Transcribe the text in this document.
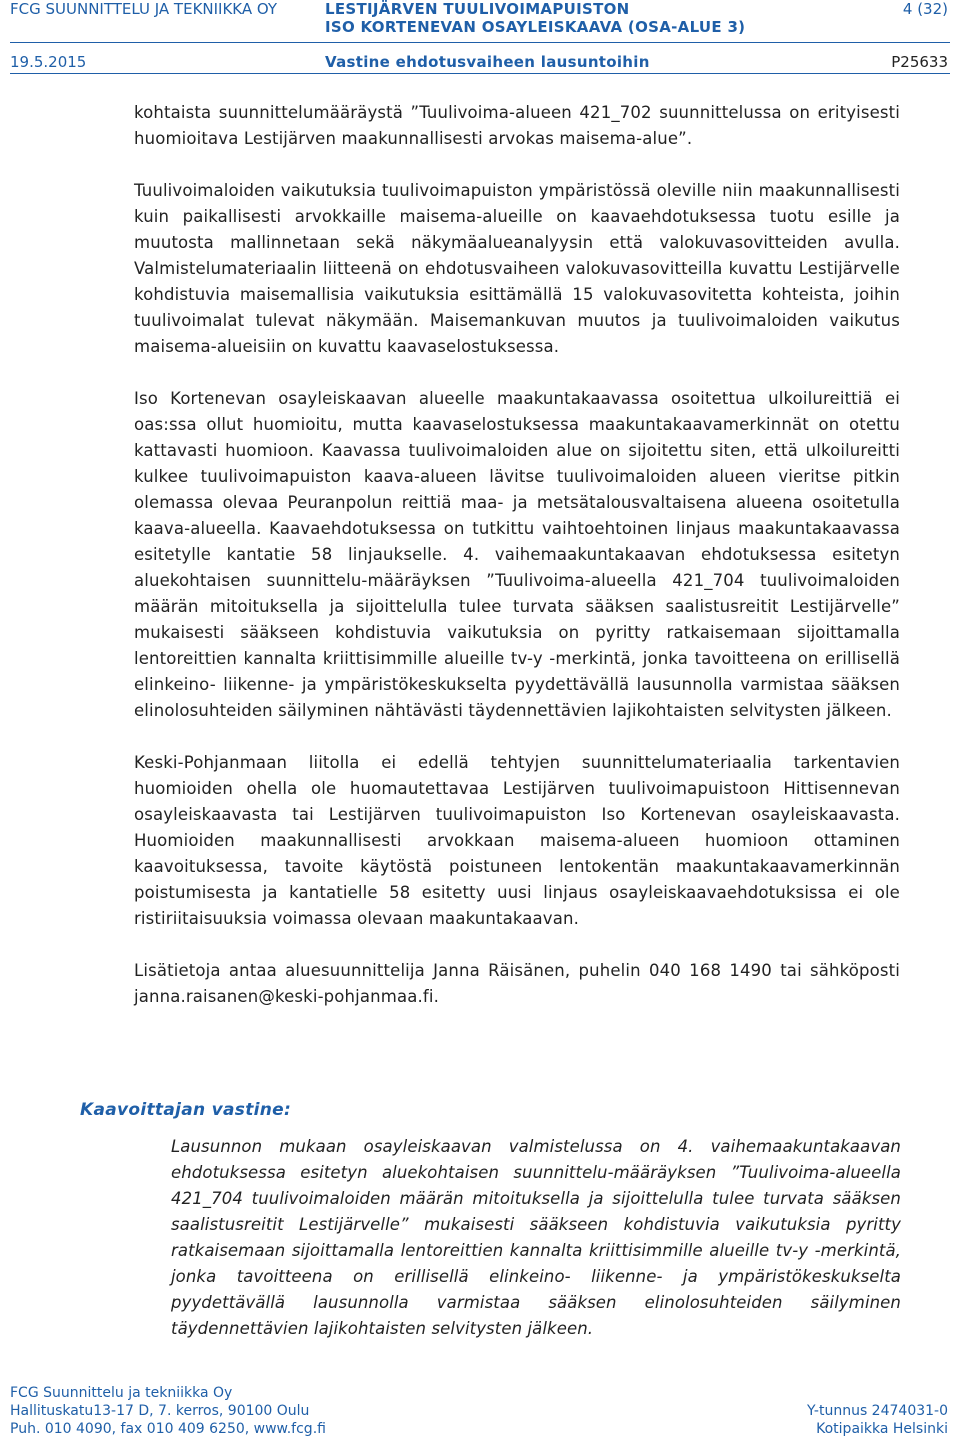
FCG SUUNNITTELU JA TEKNIIKKA OY	LESTIJÄRVEN TUULIVOIMAPUISTON
ISO KORTENEVAN OSAYLEISKAAVA (OSA-ALUE 3)
4 (32)
19.5.2015	Vastine ehdotusvaiheen lausuntoihin	P25633

kohtaista suunnittelumääräystä ”Tuulivoima-alueen 421_702 suunnittelussa on erityisesti huomioitava Lestijärven maakunnallisesti arvokas maisema-alue”.

Tuulivoimaloiden vaikutuksia tuulivoimapuiston ympäristössä oleville niin maakunnallisesti kuin paikallisesti arvokkaille maisema-alueille on kaavaehdotuksessa tuotu esille ja muutosta mallinnetaan sekä näkymäalueanalyysin että valokuvasovitteiden avulla. Valmistelumateriaalin liitteenä on ehdotusvaiheen valokuvasovitteilla kuvattu Lestijärvelle kohdistuvia maisemallisia vaikutuksia esittämällä 15 valokuvasovitetta kohteista, joihin tuulivoimalat tulevat näkymään. Maisemankuvan muutos ja tuulivoimaloiden vaikutus maisema-alueisiin on kuvattu kaavaselostuksessa.

Iso Kortenevan osayleiskaavan alueelle maakuntakaavassa osoitettua ulkoilureittiä ei oas:ssa ollut huomioitu, mutta kaavaselostuksessa maakuntakaavamerkinnät on otettu kattavasti huomioon. Kaavassa tuulivoimaloiden alue on sijoitettu siten, että ulkoilureitti kulkee tuulivoimapuiston kaava-alueen lävitse tuulivoimaloiden alueen vieritse pitkin olemassa olevaa Peuranpolun reittiä maa- ja metsätalousvaltaisena alueena osoitetulla kaava-alueella. Kaavaehdotuksessa on tutkittu vaihtoehtoinen linjaus maakuntakaavassa esitetylle kantatie 58 linjaukselle. 4. vaihemaakuntakaavan ehdotuksessa esitetyn aluekohtaisen suunnittelu-määräyksen ”Tuulivoima-alueella 421_704 tuulivoimaloiden määrän mitoituksella ja sijoittelulla tulee turvata sääksen saalistusreitit Lestijärvelle” mukaisesti sääkseen kohdistuvia vaikutuksia on pyritty ratkaisemaan sijoittamalla lentoreittien kannalta kriittisimmille alueille tv-y -merkintä, jonka tavoitteena on erillisellä elinkeino- liikenne- ja ympäristökeskukselta pyydettävällä lausunnolla varmistaa sääksen elinolosuhteiden säilyminen nähtävästi täydennettävien lajikohtaisten selvitysten jälkeen.

Keski-Pohjanmaan liitolla ei edellä tehtyjen suunnittelumateriaalia tarkentavien huomioiden ohella ole huomautettavaa Lestijärven tuulivoimapuistoon Hittisennevan osayleiskaavasta tai Lestijärven tuulivoimapuiston Iso Kortenevan osayleiskaavasta. Huomioiden maakunnallisesti arvokkaan maisema-alueen huomioon ottaminen kaavoituksessa, tavoite käytöstä poistuneen lentokentän maakuntakaavamerkinnän poistumisesta ja kantatielle 58 esitetty uusi linjaus osayleiskaavaehdotuksissa ei ole ristiriitaisuuksia voimassa olevaan maakuntakaavan.

Lisätietoja antaa aluesuunnittelija Janna Räisänen, puhelin 040 168 1490 tai sähköposti janna.raisanen@keski-pohjanmaa.fi.

Kaavoittajan vastine:
Lausunnon mukaan osayleiskaavan valmistelussa on 4. vaihemaakuntakaavan ehdotuksessa esitetyn aluekohtaisen suunnittelu-määräyksen ”Tuulivoima-alueella 421_704 tuulivoimaloiden määrän mitoituksella ja sijoittelulla tulee turvata sääksen saalistusreitit Lestijärvelle” mukaisesti sääkseen kohdistuvia vaikutuksia pyritty ratkaisemaan sijoittamalla lentoreittien kannalta kriittisimmille alueille tv-y -merkintä, jonka tavoitteena on erillisellä elinkeino- liikenne- ja ympäristökeskukselta pyydettävällä lausunnolla varmistaa sääksen elinolosuhteiden säilyminen täydennettävien lajikohtaisten selvitysten jälkeen.
FCG Suunnittelu ja tekniikka Oy
Hallituskatu13-17 D, 7. kerros, 90100 Oulu
Puh. 010 4090, fax 010 409 6250, www.fcg.fi
Y-tunnus 2474031-0
Kotipaikka Helsinki
